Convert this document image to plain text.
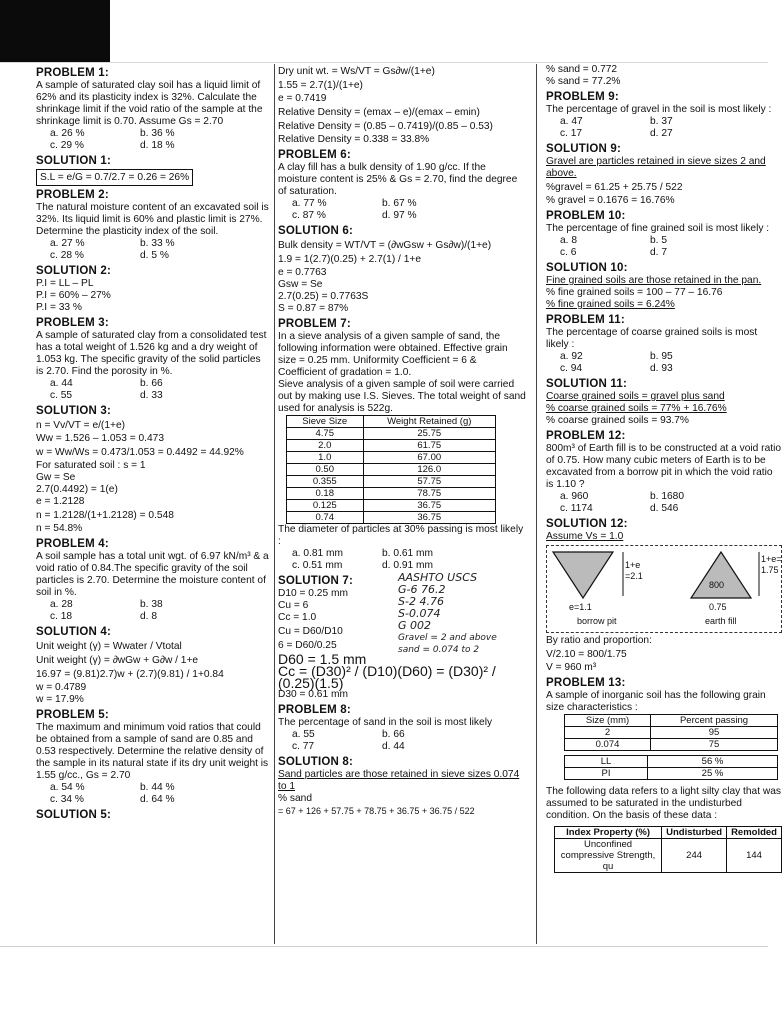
PROBLEM 1:

A sample of saturated clay soil has a liquid limit of 62% and its plasticity index is 32%. Calculate the shrinkage limit if the void ratio of the sample at the shrinkage limit is 0.70. Assume Gs = 2.70

a. 26 %	b. 36 %
c. 29 %	d. 18 %
SOLUTION 1:
S.L = e/G = 0.7/2.7 = 0.26 = 26%
PROBLEM 2:

The natural moisture content of an excavated soil is 32%. Its liquid limit is 60% and plastic limit is 27%. Determine the plasticity index of the soil.

a. 27 %	b. 33 %
c. 28 %	d. 5 %
SOLUTION 2:

P.I = LL – PL

P.I = 60% – 27%

P.I = 33 %

PROBLEM 3:

A sample of saturated clay from a consolidated test has a total weight of 1.526 kg and a dry weight of 1.053 kg. The specific gravity of the solid particles is 2.70. Find the porosity in %.

a. 44	b. 66
c. 55	d. 33
SOLUTION 3:

n = Vv/VT = e/(1+e)

Ww = 1.526 – 1.053 = 0.473

w = Ww/Ws = 0.473/1.053 = 0.4492 = 44.92%

For saturated soil : s = 1

Gw = Se

2.7(0.4492) = 1(e)

e = 1.2128

n = 1.2128/(1+1.2128) = 0.548

n = 54.8%

PROBLEM 4:

A soil sample has a total unit wgt. of 6.97 kN/m³ & a void ratio of 0.84.The specific gravity of the soil particles is 2.70. Determine the moisture content of soil in %.

a. 28	b. 38
c. 18	d. 8
SOLUTION 4:

Unit weight (γ) = Wwater / Vtotal

Unit weight (γ) = ∂wGw + G∂w / 1+e

16.97 = (9.81)2.7)w + (2.7)(9.81) / 1+0.84

w = 0.4789

w = 17.9%

PROBLEM 5:

The maximum and minimum void ratios that could be obtained from a sample of sand are 0.85 and 0.53 respectively. Determine the relative density of the sample in its natural state if its dry unit weight is 1.55 g/cc., Gs = 2.70

a. 54 %	b. 44 %
c. 34 %	d. 64 %
SOLUTION 5:

Dry unit wt. = Ws/VT = Gs∂w/(1+e)

1.55 = 2.7(1)/(1+e)

e = 0.7419

Relative Density = (emax – e)/(emax – emin)

Relative Density = (0.85 – 0.7419)/(0.85 – 0.53)

Relative Density = 0.338 = 33.8%

PROBLEM 6:

A clay fill has a bulk density of 1.90 g/cc. If the moisture content is 25% & Gs = 2.70, find the degree of saturation.

a. 77 %	b. 67 %
c. 87 %	d. 97 %
SOLUTION 6:

Bulk density = WT/VT = (∂wGsw + Gs∂w)/(1+e)

1.9 = 1(2.7)(0.25) + 2.7(1) / 1+e

e = 0.7763

Gsw = Se

2.7(0.25) = 0.7763S

S = 0.87 = 87%

PROBLEM 7:

In a sieve analysis of a given sample of sand, the following information were obtained. Effective grain size = 0.25 mm. Uniformity Coefficient = 6 & Coefficient of gradation = 1.0.

Sieve analysis of a given sample of soil were carried out by making use I.S. Sieves. The total weight of sand used for analysis is 522g.

Sieve Size	Weight Retained (g)
4.75	25.75
2.0	61.75
1.0	67.00
0.50	126.0
0.355	57.75
0.18	78.75
0.125	36.75
0.74	36.75

The diameter of particles at 30% passing is most likely :

a. 0.81 mm	b. 0.61 mm
c. 0.51 mm	d. 0.91 mm
SOLUTION 7:

D10 = 0.25 mm

Cu = 6

Cc = 1.0

Cu = D60/D10

6 = D60/0.25

D60 = 1.5 mm

AASHTO USCS

G-6 76.2

S-2 4.76

S-0.074

G 002

Gravel = 2 and above

sand = 0.074 to 2

Cc = (D30)² / (D10)(D60) = (D30)² / (0.25)(1.5)

D30 = 0.61 mm

PROBLEM 8:

The percentage of sand in the soil is most likely

a. 55	b. 66
c. 77	d. 44
SOLUTION 8:

Sand particles are those retained in sieve sizes 0.074 to 1

% sand

= 67 + 126 + 57.75 + 78.75 + 36.75 + 36.75 / 522

% sand = 0.772

% sand = 77.2%

PROBLEM 9:

The percentage of gravel in the soil is most likely :

a. 47	b. 37
c. 17	d. 27
SOLUTION 9:

Gravel are particles retained in sieve sizes 2 and above.

%gravel = 61.25 + 25.75 / 522

% gravel = 0.1676 = 16.76%

PROBLEM 10:

The percentage of fine grained soil is most likely :

a. 8	b. 5
c. 6	d. 7
SOLUTION 10:

Fine grained soils are those retained in the pan.

% fine grained soils = 100 – 77 – 16.76

% fine grained soils = 6.24%

PROBLEM 11:

The percentage of coarse grained soils is most likely :

a. 92	b. 95
c. 94	d. 93
SOLUTION 11:

Coarse grained soils = gravel plus sand

% coarse grained soils = 77% + 16.76%

% coarse grained soils = 93.7%

PROBLEM 12:

800m³ of Earth fill is to be constructed at a void ratio of 0.75. How many cubic meters of Earth is to be excavated from a borrow pit in which the void ratio is 1.10 ?

a. 960	b. 1680
c. 1174	d. 546
SOLUTION 12:

Assume Vs = 1.0

1+e
=2.1
e=1.1
borrow pit
800
1+e=
1.75
0.75
earth fill

By ratio and proportion:

V/2.10 = 800/1.75

V = 960 m³

PROBLEM 13:

A sample of inorganic soil has the following grain size characteristics :

Size (mm)	Percent passing
2	95
0.074	75
LL	56 %
PI	25 %

The following data refers to a light silty clay that was assumed to be saturated in the undisturbed condition. On the basis of these data :

Index Property (%)	Undisturbed	Remolded
Unconfined compressive Strength, qu	244	144
